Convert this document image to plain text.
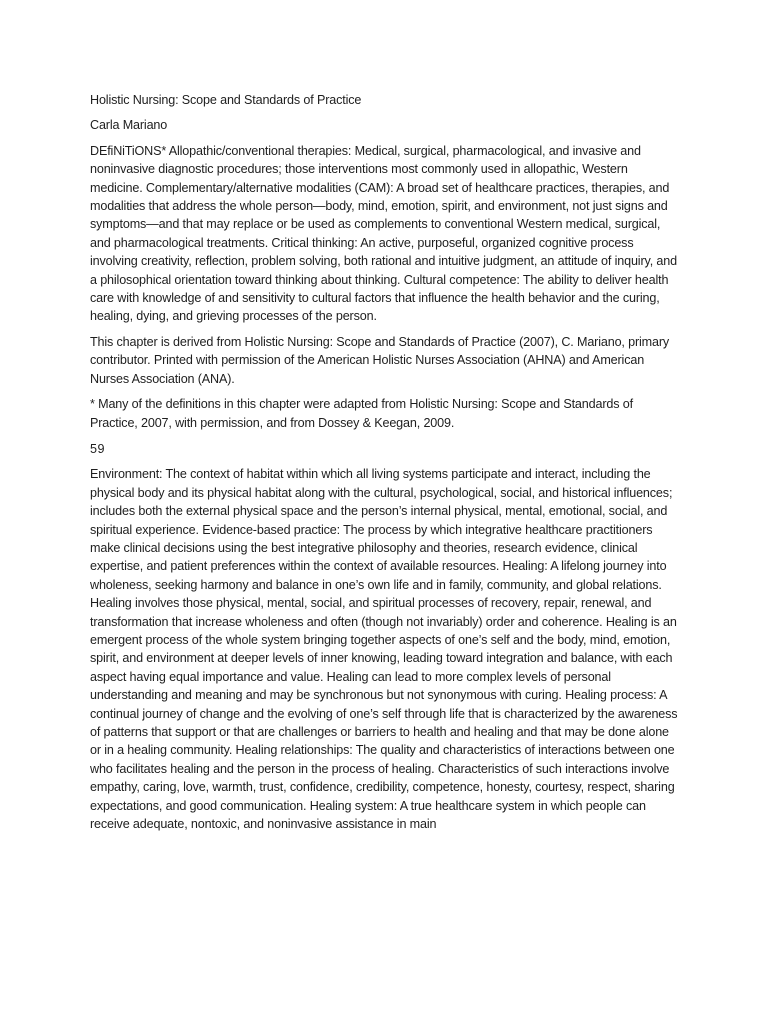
Holistic Nursing: Scope and Standards of Practice

Carla Mariano

DEfiNiTiONS* Allopathic/conventional therapies: Medical, surgical, pharmacological, and invasive and noninvasive diagnostic procedures; those interventions most commonly used in allopathic, Western medicine. Complementary/alternative modalities (CAM): A broad set of healthcare practices, therapies, and modalities that address the whole person—body, mind, emotion, spirit, and environment, not just signs and symptoms—and that may replace or be used as complements to conventional Western medical, surgical, and pharmacological treatments. Critical thinking: An active, purposeful, organized cognitive process involving creativity, reflection, problem solving, both rational and intuitive judgment, an attitude of inquiry, and a philosophical orientation toward thinking about thinking. Cultural competence: The ability to deliver health care with knowledge of and sensitivity to cultural factors that influence the health behavior and the curing, healing, dying, and grieving processes of the person.

This chapter is derived from Holistic Nursing: Scope and Standards of Practice (2007), C. Mariano, primary contributor. Printed with permission of the American Holistic Nurses Association (AHNA) and American Nurses Association (ANA).

* Many of the definitions in this chapter were adapted from Holistic Nursing: Scope and Standards of Practice, 2007, with permission, and from Dossey & Keegan, 2009.

59

Environment: The context of habitat within which all living systems participate and interact, including the physical body and its physical habitat along with the cultural, psychological, social, and historical influences; includes both the external physical space and the person’s internal physical, mental, emotional, social, and spiritual experience. Evidence-based practice: The process by which integrative healthcare practitioners make clinical decisions using the best integrative philosophy and theories, research evidence, clinical expertise, and patient preferences within the context of available resources. Healing: A lifelong journey into wholeness, seeking harmony and balance in one’s own life and in family, community, and global relations. Healing involves those physical, mental, social, and spiritual processes of recovery, repair, renewal, and transformation that increase wholeness and often (though not invariably) order and coherence. Healing is an emergent process of the whole system bringing together aspects of one’s self and the body, mind, emotion, spirit, and environment at deeper levels of inner knowing, leading toward integration and balance, with each aspect having equal importance and value. Healing can lead to more complex levels of personal understanding and meaning and may be synchronous but not synonymous with curing. Healing process: A continual journey of change and the evolving of one’s self through life that is characterized by the awareness of patterns that support or that are challenges or barriers to health and healing and that may be done alone or in a healing community. Healing relationships: The quality and characteristics of interactions between one who facilitates healing and the person in the process of healing. Characteristics of such interactions involve empathy, caring, love, warmth, trust, confidence, credibility, competence, honesty, courtesy, respect, sharing expectations, and good communication. Healing system: A true healthcare system in which people can receive adequate, nontoxic, and noninvasive assistance in main
